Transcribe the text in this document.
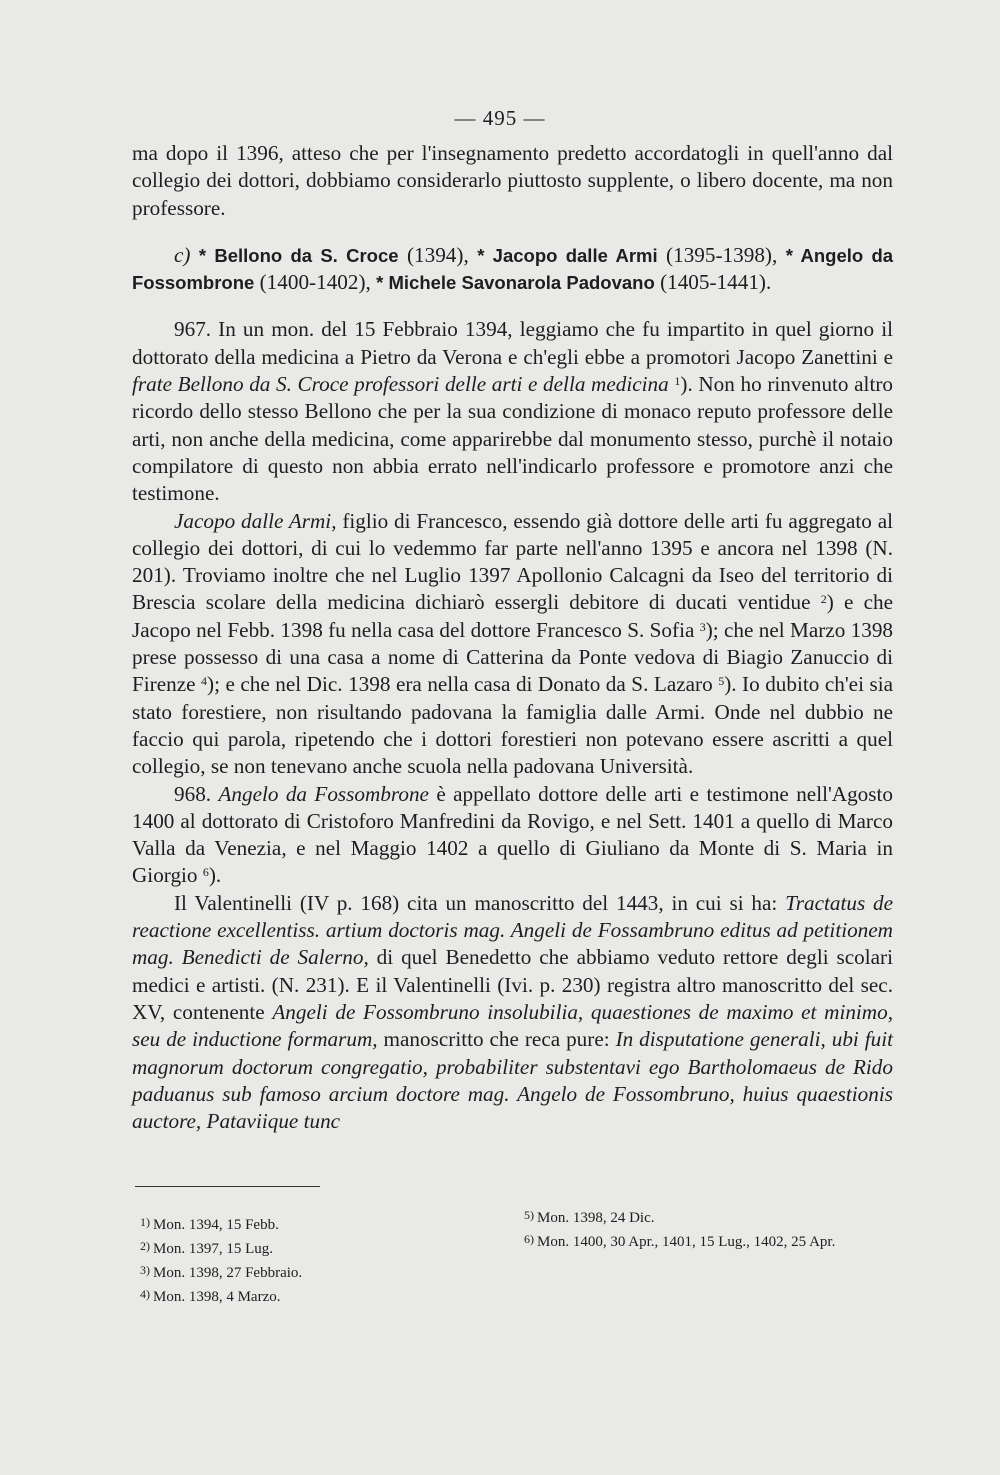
— 495 —

ma dopo il 1396, atteso che per l'insegnamento predetto accordatogli in quell'anno dal collegio dei dottori, dobbiamo considerarlo piuttosto supplente, o libero docente, ma non professore.

c) * Bellono da S. Croce (1394), * Jacopo dalle Armi (1395-1398), * Angelo da Fossombrone (1400-1402), * Michele Savonarola Padovano (1405-1441).

967. In un mon. del 15 Febbraio 1394, leggiamo che fu impartito in quel giorno il dottorato della medicina a Pietro da Verona e ch'egli ebbe a promotori Jacopo Zanettini e frate Bellono da S. Croce professori delle arti e della medicina $^1$). Non ho rinvenuto altro ricordo dello stesso Bellono che per la sua condizione di monaco reputo professore delle arti, non anche della medicina, come apparirebbe dal monumento stesso, purchè il notaio compilatore di questo non abbia errato nell'indicarlo professore e promotore anzi che testimone.

Jacopo dalle Armi, figlio di Francesco, essendo già dottore delle arti fu aggregato al collegio dei dottori, di cui lo vedemmo far parte nell'anno 1395 e ancora nel 1398 (N. 201). Troviamo inoltre che nel Luglio 1397 Apollonio Calcagni da Iseo del territorio di Brescia scolare della medicina dichiarò essergli debitore di ducati ventidue $^2$) e che Jacopo nel Febb. 1398 fu nella casa del dottore Francesco S. Sofia $^3$); che nel Marzo 1398 prese possesso di una casa a nome di Catterina da Ponte vedova di Biagio Zanuccio di Firenze $^4$); e che nel Dic. 1398 era nella casa di Donato da S. Lazaro $^5$). Io dubito ch'ei sia stato forestiere, non risultando padovana la famiglia dalle Armi. Onde nel dubbio ne faccio qui parola, ripetendo che i dottori forestieri non potevano essere ascritti a quel collegio, se non tenevano anche scuola nella padovana Università.

968. Angelo da Fossombrone è appellato dottore delle arti e testimone nell'Agosto 1400 al dottorato di Cristoforo Manfredini da Rovigo, e nel Sett. 1401 a quello di Marco Valla da Venezia, e nel Maggio 1402 a quello di Giuliano da Monte di S. Maria in Giorgio $^6$).

Il Valentinelli (IV p. 168) cita un manoscritto del 1443, in cui si ha: Tractatus de reactione excellentiss. artium doctoris mag. Angeli de Fossambruno editus ad petitionem mag. Benedicti de Salerno, di quel Benedetto che abbiamo veduto rettore degli scolari medici e artisti. (N. 231). E il Valentinelli (Ivi. p. 230) registra altro manoscritto del sec. XV, contenente Angeli de Fossombruno insolubilia, quaestiones de maximo et minimo, seu de inductione formarum, manoscritto che reca pure: In disputatione generali, ubi fuit magnorum doctorum congregatio, probabiliter substentavi ego Bartholomaeus de Rido paduanus sub famoso arcium doctore mag. Angelo de Fossombruno, huius quaestionis auctore, Pataviique tunc

$^{1)}$ Mon. 1394, 15 Febb.

$^{2)}$ Mon. 1397, 15 Lug.

$^{3)}$ Mon. 1398, 27 Febbraio.

$^{4)}$ Mon. 1398, 4 Marzo.

$^{5)}$ Mon. 1398, 24 Dic.

$^{6)}$ Mon. 1400, 30 Apr., 1401, 15 Lug., 1402, 25 Apr.
